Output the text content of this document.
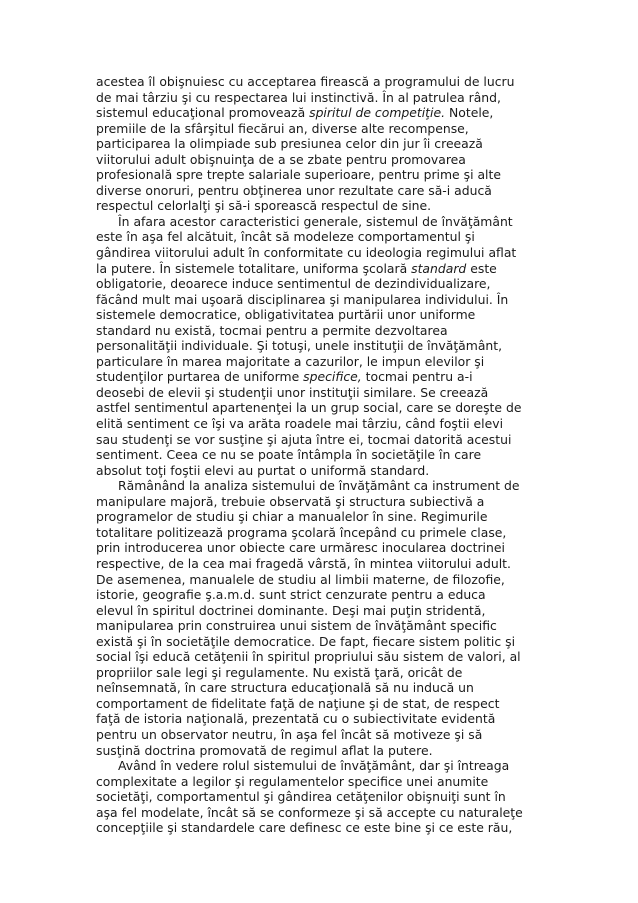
acestea îl obişnuiesc cu acceptarea firească a programului de lucru
de mai târziu şi cu respectarea lui instinctivă. În al patrulea rând,
sistemul educaţional promovează spiritul de competiţie. Notele,
premiile de la sfârşitul fiecărui an, diverse alte recompense,
participarea la olimpiade sub presiunea celor din jur îi creează
viitorului adult obişnuinţa de a se zbate pentru promovarea
profesională spre trepte salariale superioare, pentru prime şi alte
diverse onoruri, pentru obţinerea unor rezultate care să-i aducă
respectul celorlalţi şi să-i sporească respectul de sine.
În afara acestor caracteristici generale, sistemul de învăţământ
este în aşa fel alcătuit, încât să modeleze comportamentul şi
gândirea viitorului adult în conformitate cu ideologia regimului aflat
la putere. În sistemele totalitare, uniforma şcolară standard este
obligatorie, deoarece induce sentimentul de dezindividualizare,
făcând mult mai uşoară disciplinarea şi manipularea individului. În
sistemele democratice, obligativitatea purtării unor uniforme
standard nu există, tocmai pentru a permite dezvoltarea
personalităţii individuale. Şi totuşi, unele instituţii de învăţământ,
particulare în marea majoritate a cazurilor, le impun elevilor şi
studenţilor purtarea de uniforme specifice, tocmai pentru a-i
deosebi de elevii şi studenţii unor instituţii similare. Se creează
astfel sentimentul apartenenţei la un grup social, care se doreşte de
elită sentiment ce îşi va arăta roadele mai târziu, când foştii elevi
sau studenţi se vor susţine şi ajuta între ei, tocmai datorită acestui
sentiment. Ceea ce nu se poate întâmpla în societăţile în care
absolut toţi foştii elevi au purtat o uniformă standard.
Rămânând la analiza sistemului de învăţământ ca instrument de
manipulare majoră, trebuie observată şi structura subiectivă a
programelor de studiu şi chiar a manualelor în sine. Regimurile
totalitare politizează programa şcolară începând cu primele clase,
prin introducerea unor obiecte care urmăresc inocularea doctrinei
respective, de la cea mai fragedă vârstă, în mintea viitorului adult.
De asemenea, manualele de studiu al limbii materne, de filozofie,
istorie, geografie ş.a.m.d. sunt strict cenzurate pentru a educa
elevul în spiritul doctrinei dominante. Deşi mai puţin stridentă,
manipularea prin construirea unui sistem de învăţământ specific
există şi în societăţile democratice. De fapt, fiecare sistem politic şi
social îşi educă cetăţenii în spiritul propriului său sistem de valori, al
propriilor sale legi şi regulamente. Nu există ţară, oricât de
neînsemnată, în care structura educaţională să nu inducă un
comportament de fidelitate faţă de naţiune şi de stat, de respect
faţă de istoria naţională, prezentată cu o subiectivitate evidentă
pentru un observator neutru, în aşa fel încât să motiveze şi să
susţină doctrina promovată de regimul aflat la putere.
Având în vedere rolul sistemului de învăţământ, dar şi întreaga
complexitate a legilor şi regulamentelor specifice unei anumite
societăţi, comportamentul şi gândirea cetăţenilor obişnuiţi sunt în
aşa fel modelate, încât să se conformeze şi să accepte cu naturaleţe
concepţiile şi standardele care definesc ce este bine şi ce este rău,
